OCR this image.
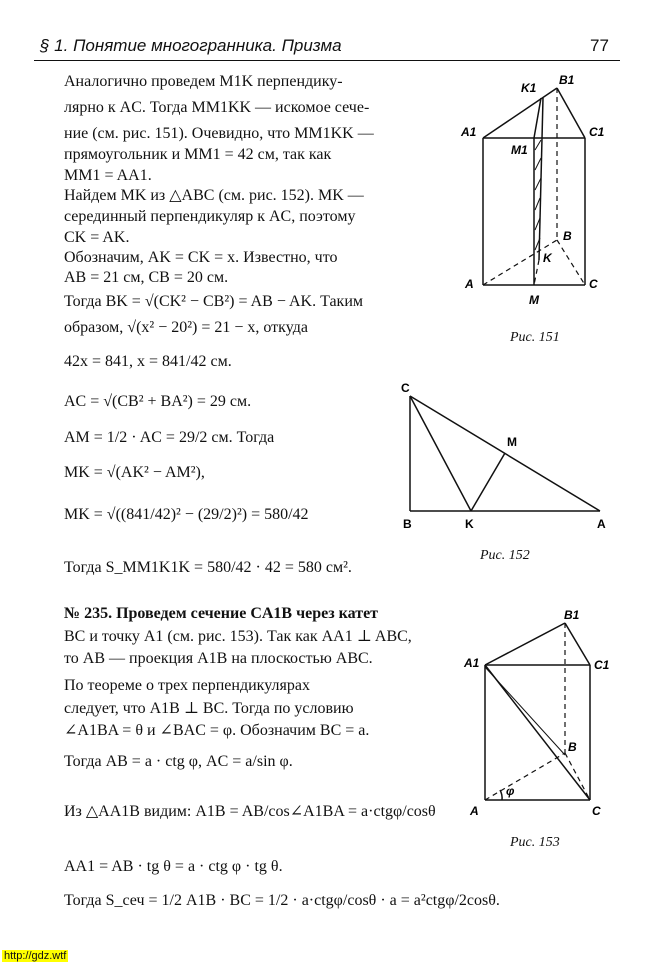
§ 1. Понятие многогранника. Призма	77
Аналогично проведем M1K перпендику-
лярно к AC. Тогда MM1KK — искомое сече-
ние (см. рис. 151). Очевидно, что MM1KK —
прямоугольник и MM1 = 42 см, так как
MM1 = AA1.
Найдем MK из △ABC (см. рис. 152). MK —
серединный перпендикуляр к AC, поэтому
CK = AK.
Обозначим, AK = CK = x. Известно, что
AB = 21 см, CB = 20 см.
Тогда BK = √(CK² − CB²) = AB − AK. Таким
образом, √(x² − 20²) = 21 − x, откуда
42x = 841, x = 841/42 см.
AC = √(CB² + BA²) = 29 см.
AM = 1/2 · AC = 29/2 см. Тогда
MK = √(AK² − AM²),
MK = √((841/42)² − (29/2)²) = 580/42
Тогда S_MM1K1K = 580/42 · 42 = 580 см².
№ 235. Проведем сечение CA1B через катет
BC и точку A1 (см. рис. 153). Так как AA1 ⊥ ABC,
то AB — проекция A1B на плоскостью ABC.
По теореме о трех перпендикулярах
следует, что A1B ⊥ BC. Тогда по условию
∠A1BA = θ и ∠BAC = φ. Обозначим BC = a.
Тогда AB = a · ctg φ, AC = a/sin φ.
Из △AA1B видим: A1B = AB/cos∠A1BA = a·ctgφ/cosθ
AA1 = AB · tg θ = a · ctg φ · tg θ.
Тогда S_сеч = 1/2 A1B · BC = 1/2 · a·ctgφ/cosθ · a = a²ctgφ/2cosθ.
K1
B1
A1	C1
M1
B
K
A	C
M
Рис. 151
C
M
B	K	A
Рис. 152
B1
A1	C1
B
φ
A	C
Рис. 153
http://gdz.wtf
